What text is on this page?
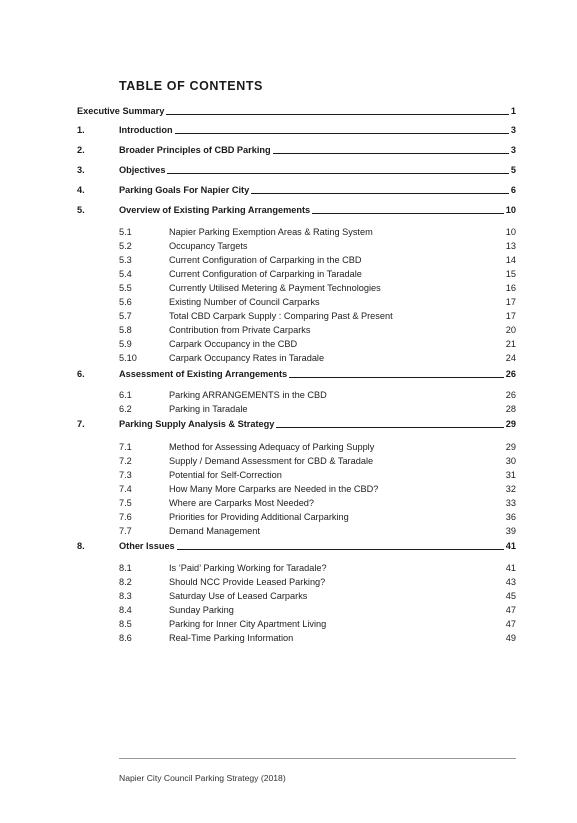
TABLE OF CONTENTS
Executive Summary	1
1.	Introduction	3
2.	Broader Principles of CBD Parking	3
3.	Objectives	5
4.	Parking Goals For Napier City	6
5.	Overview of Existing Parking Arrangements	10
5.1	Napier Parking Exemption Areas & Rating System	10
5.2	Occupancy Targets	13
5.3	Current Configuration of Carparking in the CBD	14
5.4	Current Configuration of Carparking in Taradale	15
5.5	Currently Utilised Metering & Payment Technologies	16
5.6	Existing Number of Council Carparks	17
5.7	Total CBD Carpark Supply : Comparing Past & Present	17
5.8	Contribution from Private Carparks	20
5.9	Carpark Occupancy in the CBD	21
5.10	Carpark Occupancy Rates in Taradale	24
6.	Assessment of Existing Arrangements	26
6.1	Parking ARRANGEMENTS in the CBD	26
6.2	Parking in Taradale	28
7.	Parking Supply Analysis & Strategy	29
7.1	Method for Assessing Adequacy of Parking Supply	29
7.2	Supply / Demand Assessment for CBD & Taradale	30
7.3	Potential for Self-Correction	31
7.4	How Many More Carparks are Needed in the CBD?	32
7.5	Where are Carparks Most Needed?	33
7.6	Priorities for Providing Additional Carparking	36
7.7	Demand Management	39
8.	Other Issues	41
8.1	Is ‘Paid’ Parking Working for Taradale?	41
8.2	Should NCC Provide Leased Parking?	43
8.3	Saturday Use of Leased Carparks	45
8.4	Sunday Parking	47
8.5	Parking for Inner City Apartment Living	47
8.6	Real-Time Parking Information	49
Napier City Council Parking Strategy (2018)
